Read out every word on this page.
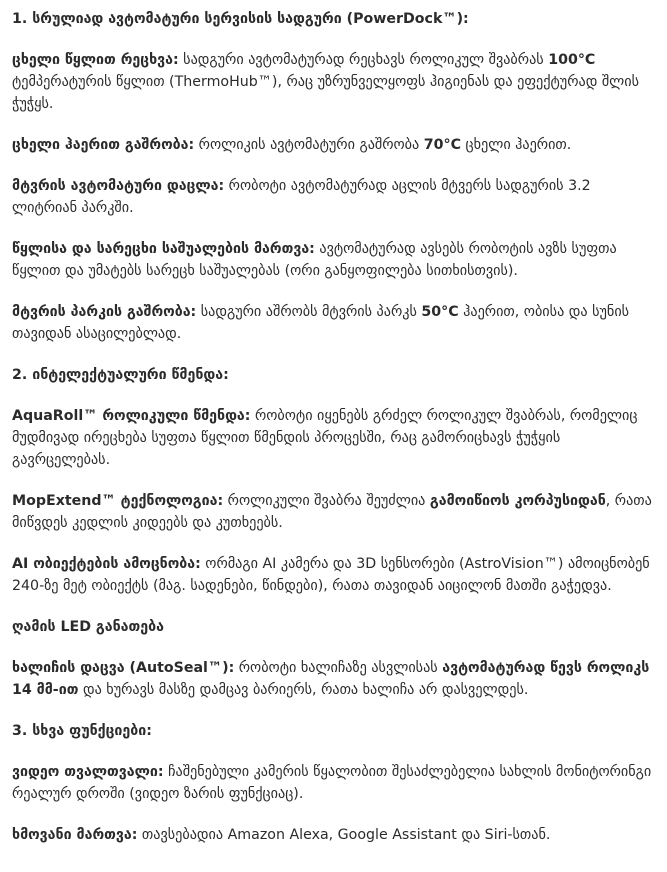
1. სრულიად ავტომატური სერვისის სადგური (PowerDock™):
ცხელი წყლით რეცხვა: სადგური ავტომატურად რეცხავს როლიკულ შვაბრას 100°C ტემპერატურის წყლით (ThermoHub™), რაც უზრუნველყოფს ჰიგიენას და ეფექტურად შლის ჭუჭყს.
ცხელი ჰაერით გაშრობა: როლიკის ავტომატური გაშრობა 70°C ცხელი ჰაერით.
მტვრის ავტომატური დაცლა: რობოტი ავტომატურად აცლის მტვერს სადგურის 3.2 ლიტრიან პარკში.
წყლისა და სარეცხი საშუალების მართვა: ავტომატურად ავსებს რობოტის ავზს სუფთა წყლით და უმატებს სარეცხ საშუალებას (ორი განყოფილება სითხისთვის).
მტვრის პარკის გაშრობა: სადგური აშრობს მტვრის პარკს 50°C ჰაერით, ობისა და სუნის თავიდან ასაცილებლად.
2. ინტელექტუალური წმენდა:
AquaRoll™ როლიკული წმენდა: რობოტი იყენებს გრძელ როლიკულ შვაბრას, რომელიც მუდმივად ირეცხება სუფთა წყლით წმენდის პროცესში, რაც გამორიცხავს ჭუჭყის გავრცელებას.
MopExtend™ ტექნოლოგია: როლიკული შვაბრა შეუძლია გამოიწიოს კორპუსიდან, რათა მიწვდეს კედლის კიდეებს და კუთხეებს.
AI ობიექტების ამოცნობა: ორმაგი AI კამერა და 3D სენსორები (AstroVision™) ამოიცნობენ 240-ზე მეტ ობიექტს (მაგ. სადენები, წინდები), რათა თავიდან აიცილონ მათში გაჭედვა.
ღამის LED განათება
ხალიჩის დაცვა (AutoSeal™): რობოტი ხალიჩაზე ასვლისას ავტომატურად წევს როლიკს 14 მმ-ით და ხურავს მასზე დამცავ ბარიერს, რათა ხალიჩა არ დასველდეს.
3. სხვა ფუნქციები:
ვიდეო თვალთვალი: ჩაშენებული კამერის წყალობით შესაძლებელია სახლის მონიტორინგი რეალურ დროში (ვიდეო ზარის ფუნქციაც).
ხმოვანი მართვა: თავსებადია Amazon Alexa, Google Assistant და Siri-სთან.
